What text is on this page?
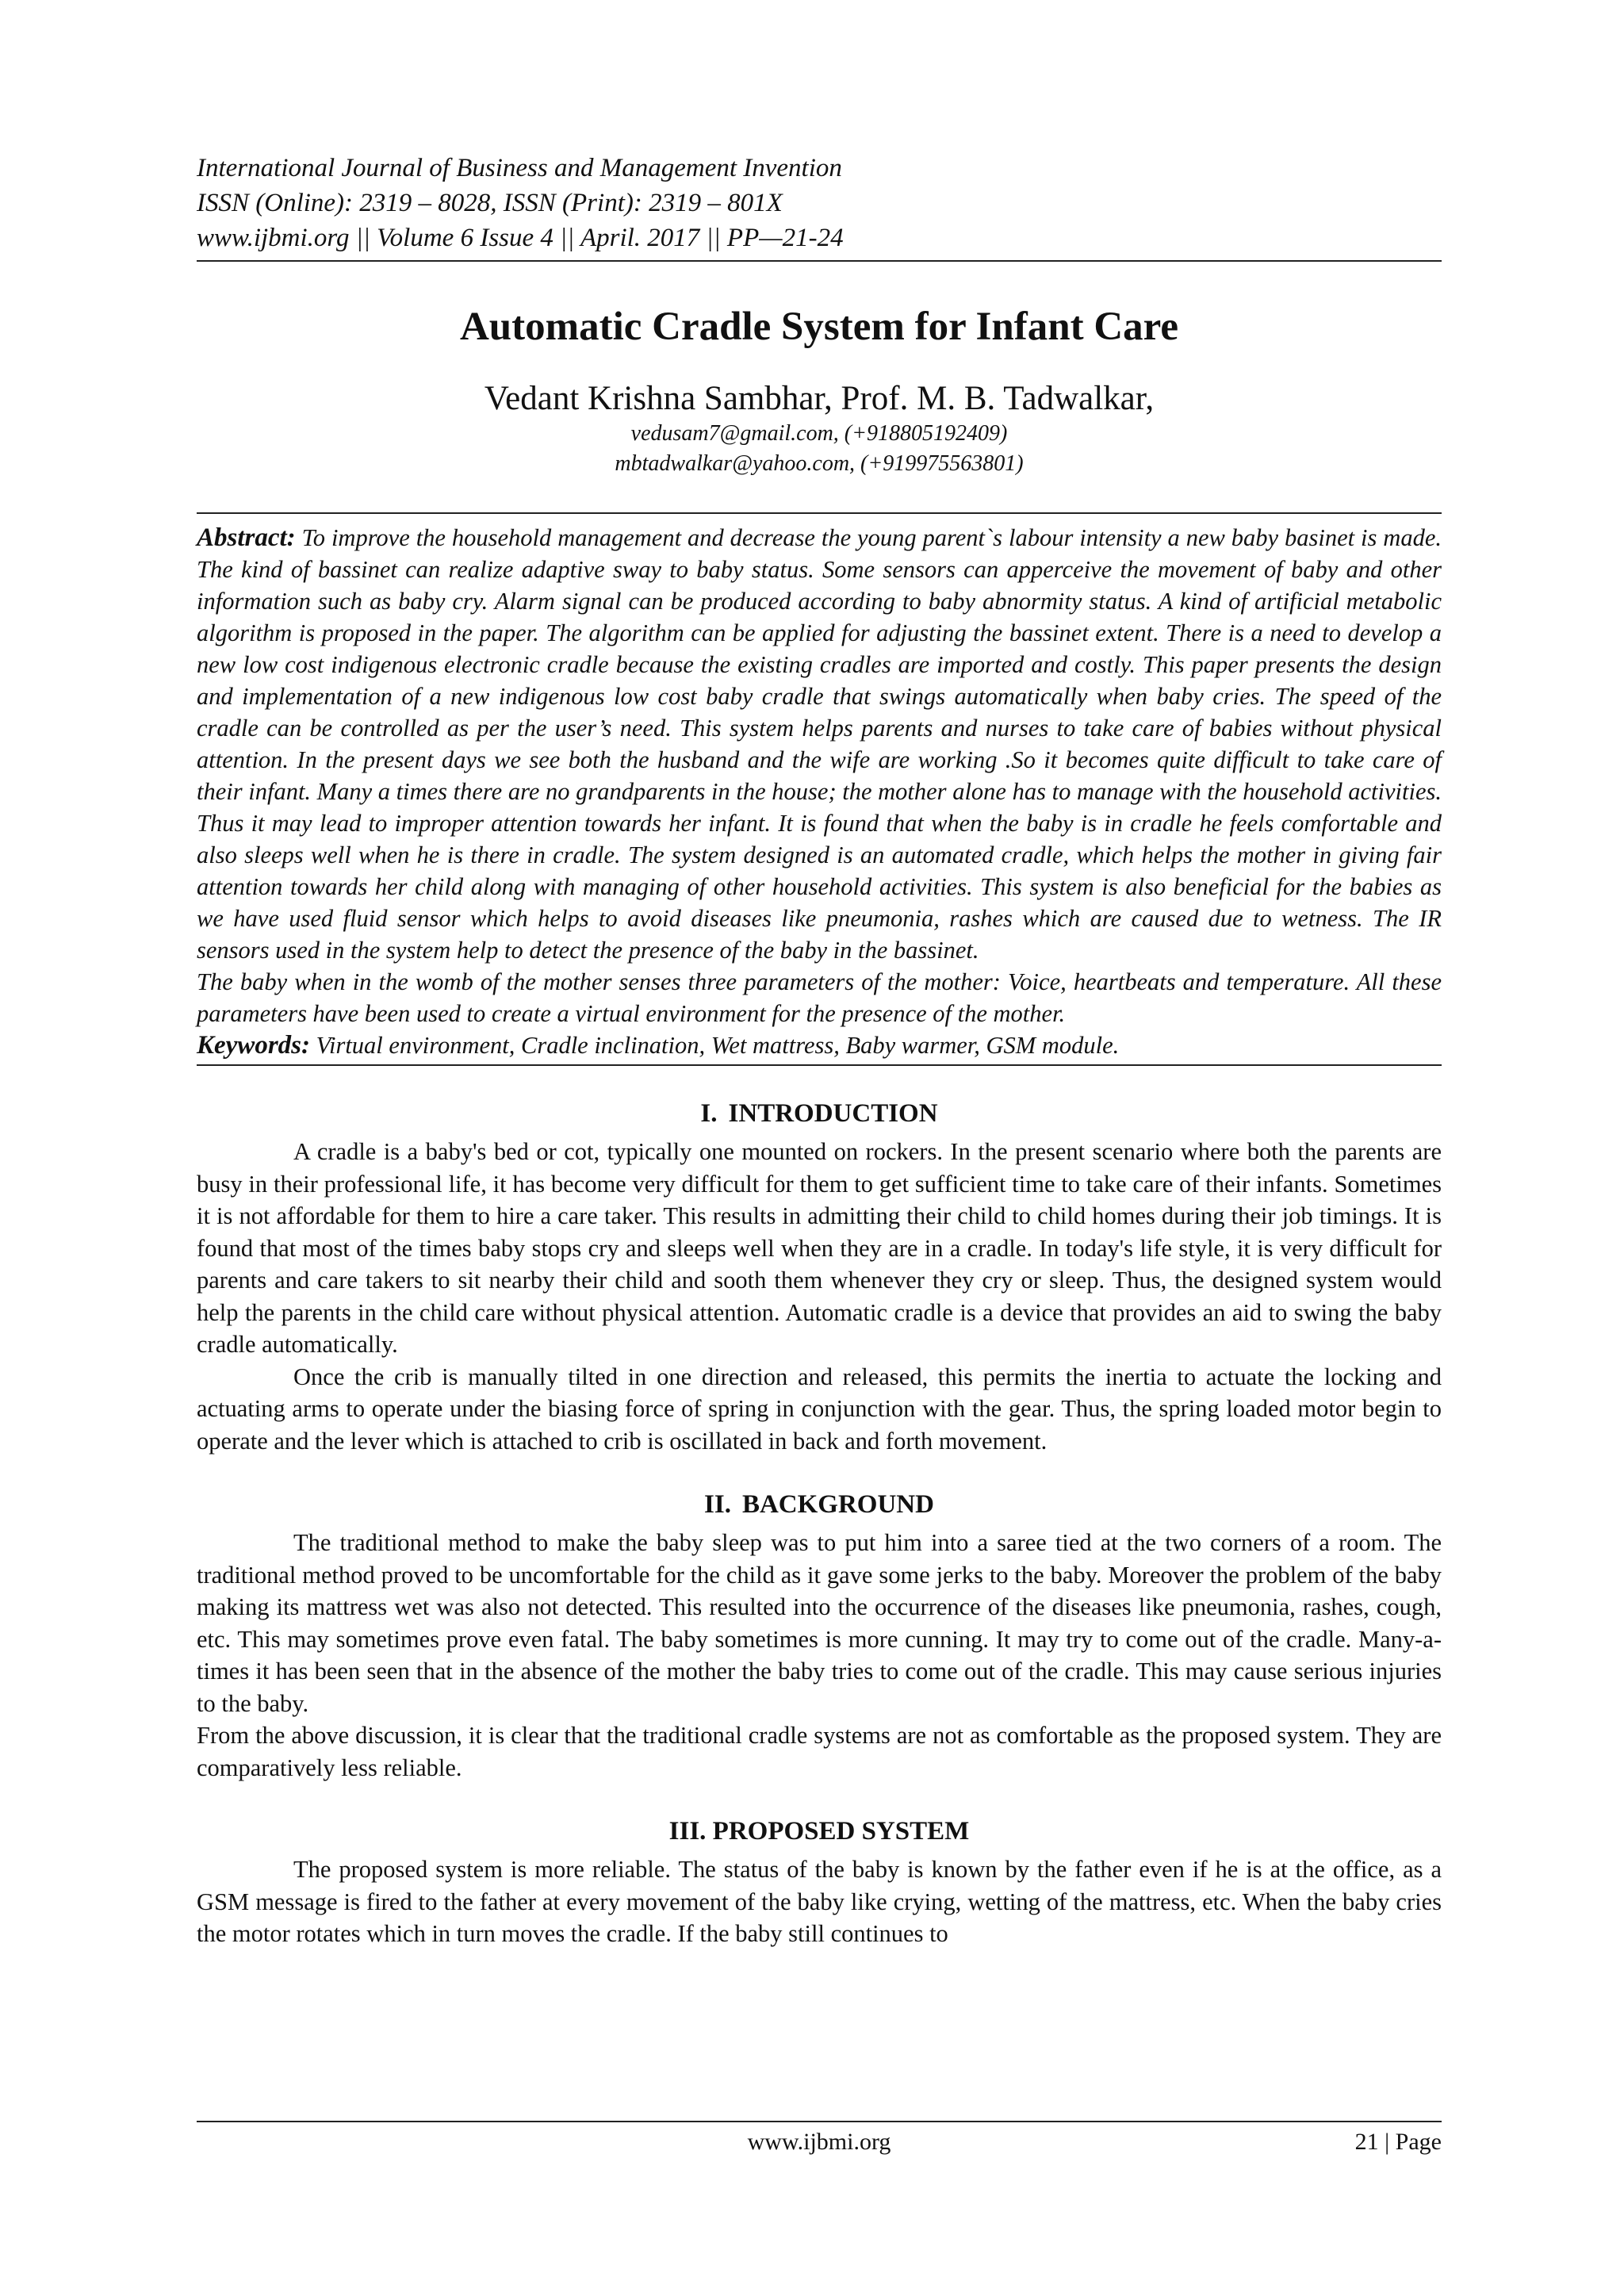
International Journal of Business and Management Invention
ISSN (Online): 2319 – 8028, ISSN (Print): 2319 – 801X
www.ijbmi.org || Volume 6 Issue 4 || April. 2017 || PP—21-24
Automatic Cradle System for Infant Care
Vedant Krishna Sambhar, Prof. M. B. Tadwalkar,
vedusam7@gmail.com, (+918805192409)
mbtadwalkar@yahoo.com, (+919975563801)

Abstract: To improve the household management and decrease the young parent`s labour intensity a new baby basinet is made. The kind of bassinet can realize adaptive sway to baby status. Some sensors can apperceive the movement of baby and other information such as baby cry. Alarm signal can be produced according to baby abnormity status. A kind of artificial metabolic algorithm is proposed in the paper. The algorithm can be applied for adjusting the bassinet extent. There is a need to develop a new low cost indigenous electronic cradle because the existing cradles are imported and costly. This paper presents the design and implementation of a new indigenous low cost baby cradle that swings automatically when baby cries. The speed of the cradle can be controlled as per the user’s need. This system helps parents and nurses to take care of babies without physical attention. In the present days we see both the husband and the wife are working .So it becomes quite difficult to take care of their infant. Many a times there are no grandparents in the house; the mother alone has to manage with the household activities. Thus it may lead to improper attention towards her infant. It is found that when the baby is in cradle he feels comfortable and also sleeps well when he is there in cradle. The system designed is an automated cradle, which helps the mother in giving fair attention towards her child along with managing of other household activities. This system is also beneficial for the babies as we have used fluid sensor which helps to avoid diseases like pneumonia, rashes which are caused due to wetness. The IR sensors used in the system help to detect the presence of the baby in the bassinet.

The baby when in the womb of the mother senses three parameters of the mother: Voice, heartbeats and temperature. All these parameters have been used to create a virtual environment for the presence of the mother.

Keywords: Virtual environment, Cradle inclination, Wet mattress, Baby warmer, GSM module.
I. INTRODUCTION

A cradle is a baby's bed or cot, typically one mounted on rockers. In the present scenario where both the parents are busy in their professional life, it has become very difficult for them to get sufficient time to take care of their infants. Sometimes it is not affordable for them to hire a care taker. This results in admitting their child to child homes during their job timings. It is found that most of the times baby stops cry and sleeps well when they are in a cradle. In today's life style, it is very difficult for parents and care takers to sit nearby their child and sooth them whenever they cry or sleep. Thus, the designed system would help the parents in the child care without physical attention. Automatic cradle is a device that provides an aid to swing the baby cradle automatically.

Once the crib is manually tilted in one direction and released, this permits the inertia to actuate the locking and actuating arms to operate under the biasing force of spring in conjunction with the gear. Thus, the spring loaded motor begin to operate and the lever which is attached to crib is oscillated in back and forth movement.

II. BACKGROUND

The traditional method to make the baby sleep was to put him into a saree tied at the two corners of a room. The traditional method proved to be uncomfortable for the child as it gave some jerks to the baby. Moreover the problem of the baby making its mattress wet was also not detected. This resulted into the occurrence of the diseases like pneumonia, rashes, cough, etc. This may sometimes prove even fatal. The baby sometimes is more cunning. It may try to come out of the cradle. Many-a-times it has been seen that in the absence of the mother the baby tries to come out of the cradle. This may cause serious injuries to the baby.

From the above discussion, it is clear that the traditional cradle systems are not as comfortable as the proposed system. They are comparatively less reliable.

III. PROPOSED SYSTEM

The proposed system is more reliable. The status of the baby is known by the father even if he is at the office, as a GSM message is fired to the father at every movement of the baby like crying, wetting of the mattress, etc. When the baby cries the motor rotates which in turn moves the cradle. If the baby still continues to

www.ijbmi.org	21 | Page
